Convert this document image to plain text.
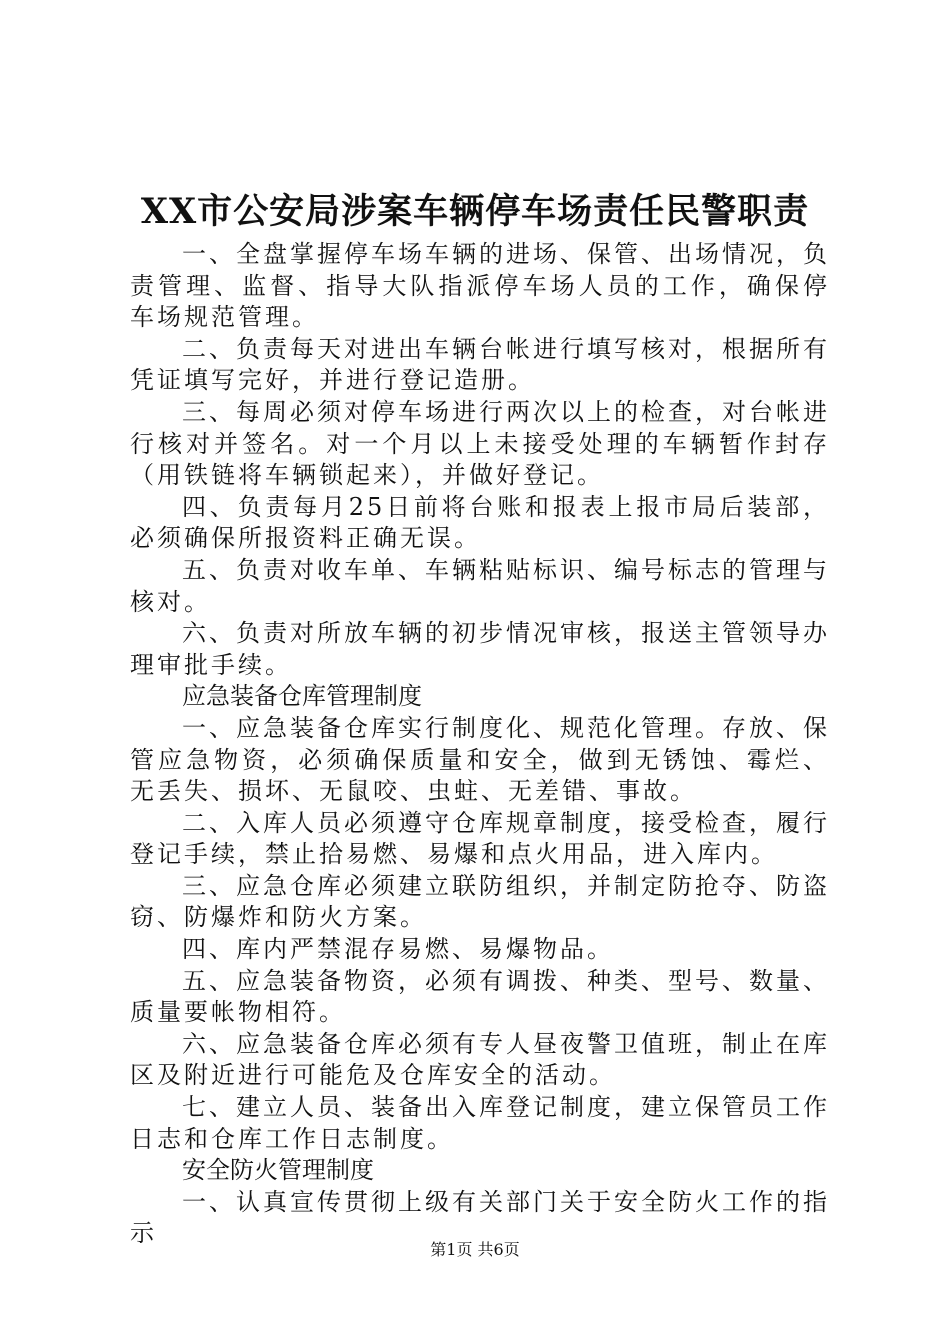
XX市公安局涉案车辆停车场责任民警职责

一、全盘掌握停车场车辆的进场、保管、出场情况，负责管理、监督、指导大队指派停车场人员的工作，确保停车场规范管理。

二、负责每天对进出车辆台帐进行填写核对，根据所有凭证填写完好，并进行登记造册。

三、每周必须对停车场进行两次以上的检查，对台帐进行核对并签名。对一个月以上未接受处理的车辆暂作封存（用铁链将车辆锁起来），并做好登记。

四、负责每月25日前将台账和报表上报市局后装部，必须确保所报资料正确无误。

五、负责对收车单、车辆粘贴标识、编号标志的管理与核对。

六、负责对所放车辆的初步情况审核，报送主管领导办理审批手续。

应急装备仓库管理制度

一、应急装备仓库实行制度化、规范化管理。存放、保管应急物资，必须确保质量和安全，做到无锈蚀、霉烂、无丢失、损坏、无鼠咬、虫蛀、无差错、事故。

二、入库人员必须遵守仓库规章制度，接受检查，履行登记手续，禁止拾易燃、易爆和点火用品，进入库内。

三、应急仓库必须建立联防组织，并制定防抢夺、防盗窃、防爆炸和防火方案。

四、库内严禁混存易燃、易爆物品。

五、应急装备物资，必须有调拨、种类、型号、数量、质量要帐物相符。

六、应急装备仓库必须有专人昼夜警卫值班，制止在库区及附近进行可能危及仓库安全的活动。

七、建立人员、装备出入库登记制度，建立保管员工作日志和仓库工作日志制度。

安全防火管理制度

一、认真宣传贯彻上级有关部门关于安全防火工作的指示

第1页 共6页
